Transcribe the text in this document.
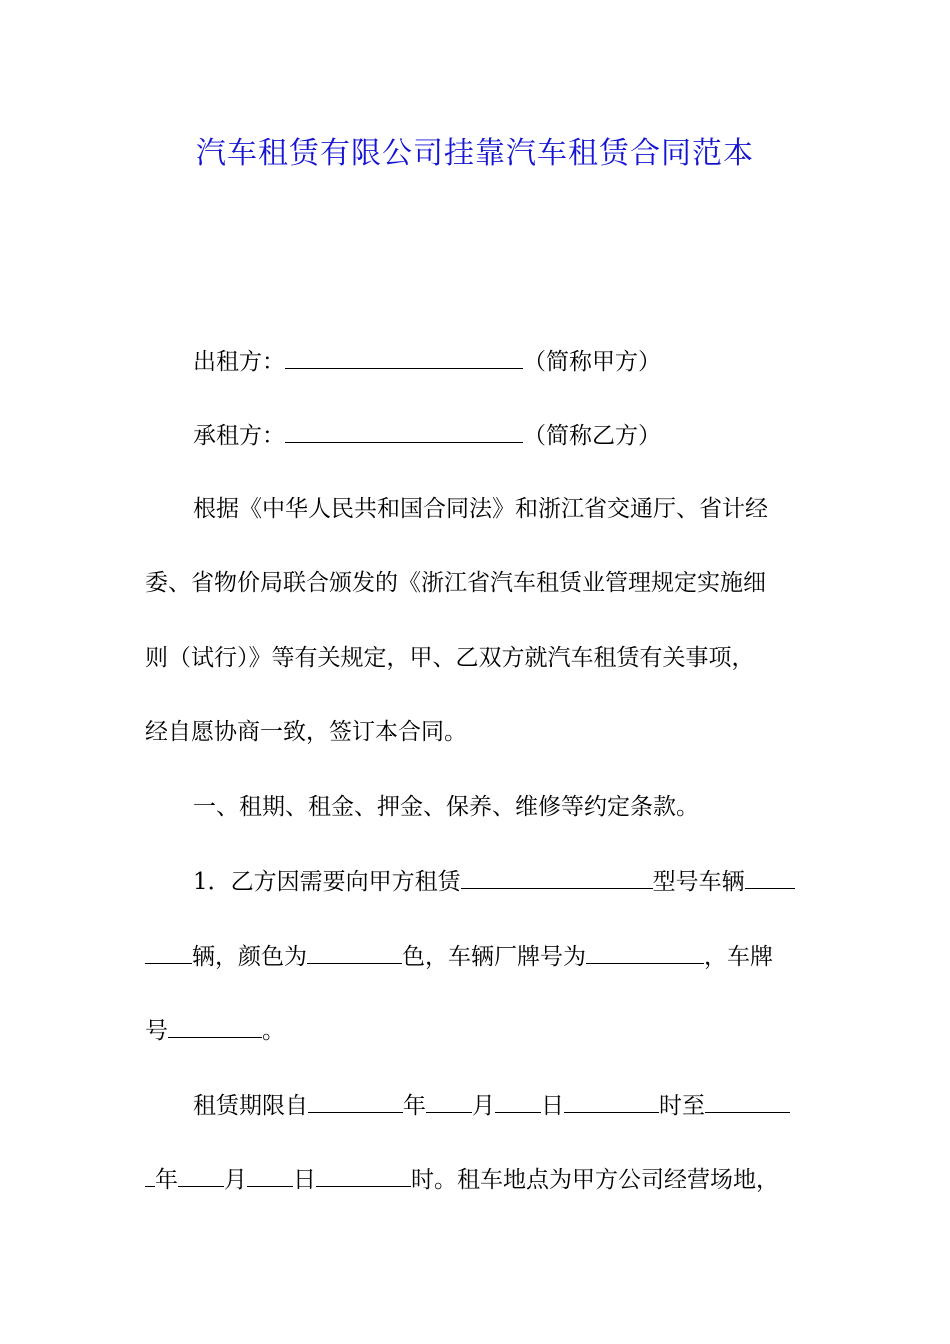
汽车租赁有限公司挂靠汽车租赁合同范本
出租方：	（简称甲方）
承租方：	（简称乙方）
根据《中华人民共和国合同法》和浙江省交通厅、省计经
委、省物价局联合颁发的《浙江省汽车租赁业管理规定实施细
则（试行）》等有关规定，甲、乙双方就汽车租赁有关事项，
经自愿协商一致，签订本合同。
一、租期、租金、押金、保养、维修等约定条款。
1．乙方因需要向甲方租赁	型号车辆
辆，颜色为	色，车辆厂牌号为	，车牌
号	。
租赁期限自	年 月 日	时至
年 月 日	时。租车地点为甲方公司经营场地，
